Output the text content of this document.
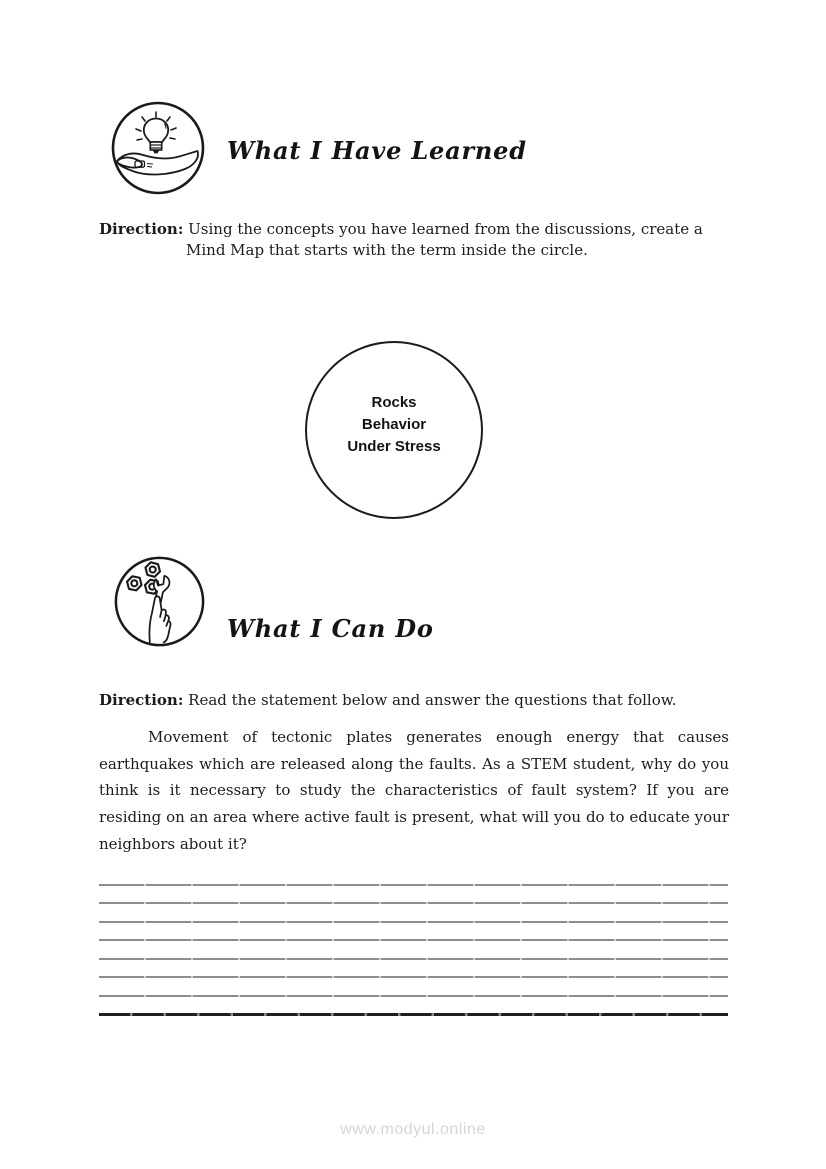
What I Have Learned
Direction: Using the concepts you have learned from the discussions, create a
Mind Map that starts with the term inside the circle.
Rocks
Behavior
Under Stress
What I Can Do
Direction: Read the statement below and answer the questions that follow.
Movement of tectonic plates generates enough energy that causes earthquakes which are released along the faults. As a STEM student, why do you think is it necessary to study the characteristics of fault system? If you are residing on an area where active fault is present, what will you do to educate your neighbors about it?
www.modyul.online
